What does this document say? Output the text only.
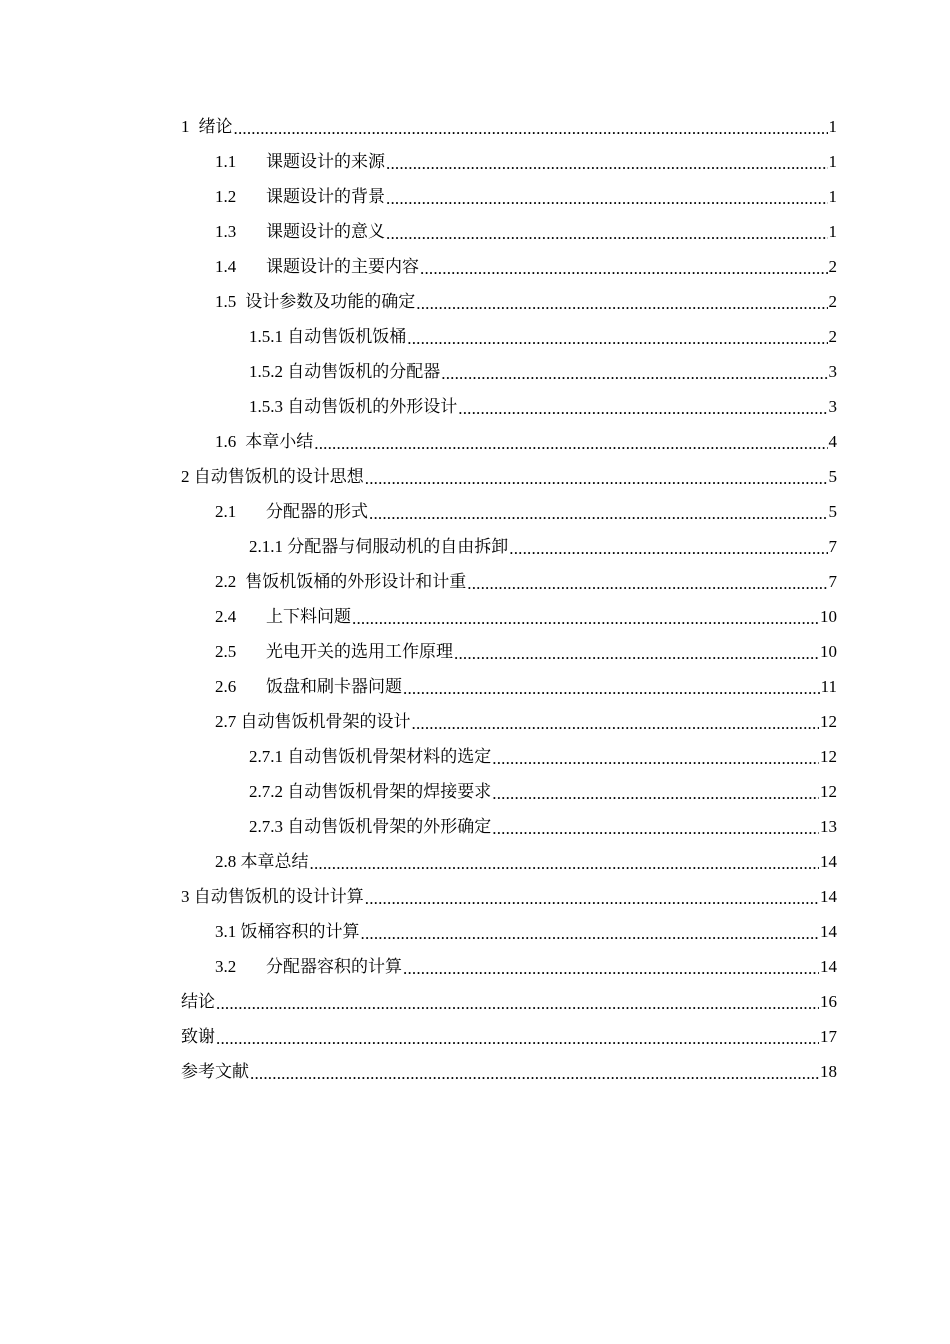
1 绪论 .....	1
1.1 课题设计的来源 .....	1
1.2 课题设计的背景 .....	1
1.3 课题设计的意义 .....	1
1.4 课题设计的主要内容 .....	2
1.5 设计参数及功能的确定 .....	2
1.5.1 自动售饭机饭桶 .....	2
1.5.2 自动售饭机的分配器 .....	3
1.5.3 自动售饭机的外形设计 .....	3
1.6 本章小结 .....	4
2 自动售饭机的设计思想 .....	5
2.1 分配器的形式 .....	5
2.1.1 分配器与伺服动机的自由拆卸 .....	7
2.2 售饭机饭桶的外形设计和计重 .....	7
2.4 上下料问题 .....	10
2.5 光电开关的选用工作原理 .....	10
2.6 饭盘和刷卡器问题 .....	11
2.7 自动售饭机骨架的设计 .....	12
2.7.1 自动售饭机骨架材料的选定 .....	12
2.7.2 自动售饭机骨架的焊接要求 .....	12
2.7.3 自动售饭机骨架的外形确定 .....	13
2.8 本章总结 .....	14
3 自动售饭机的设计计算 .....	14
3.1 饭桶容积的计算 .....	14
3.2 分配器容积的计算 .....	14
结论 .....	16
致谢 .....	17
参考文献 .....	18
